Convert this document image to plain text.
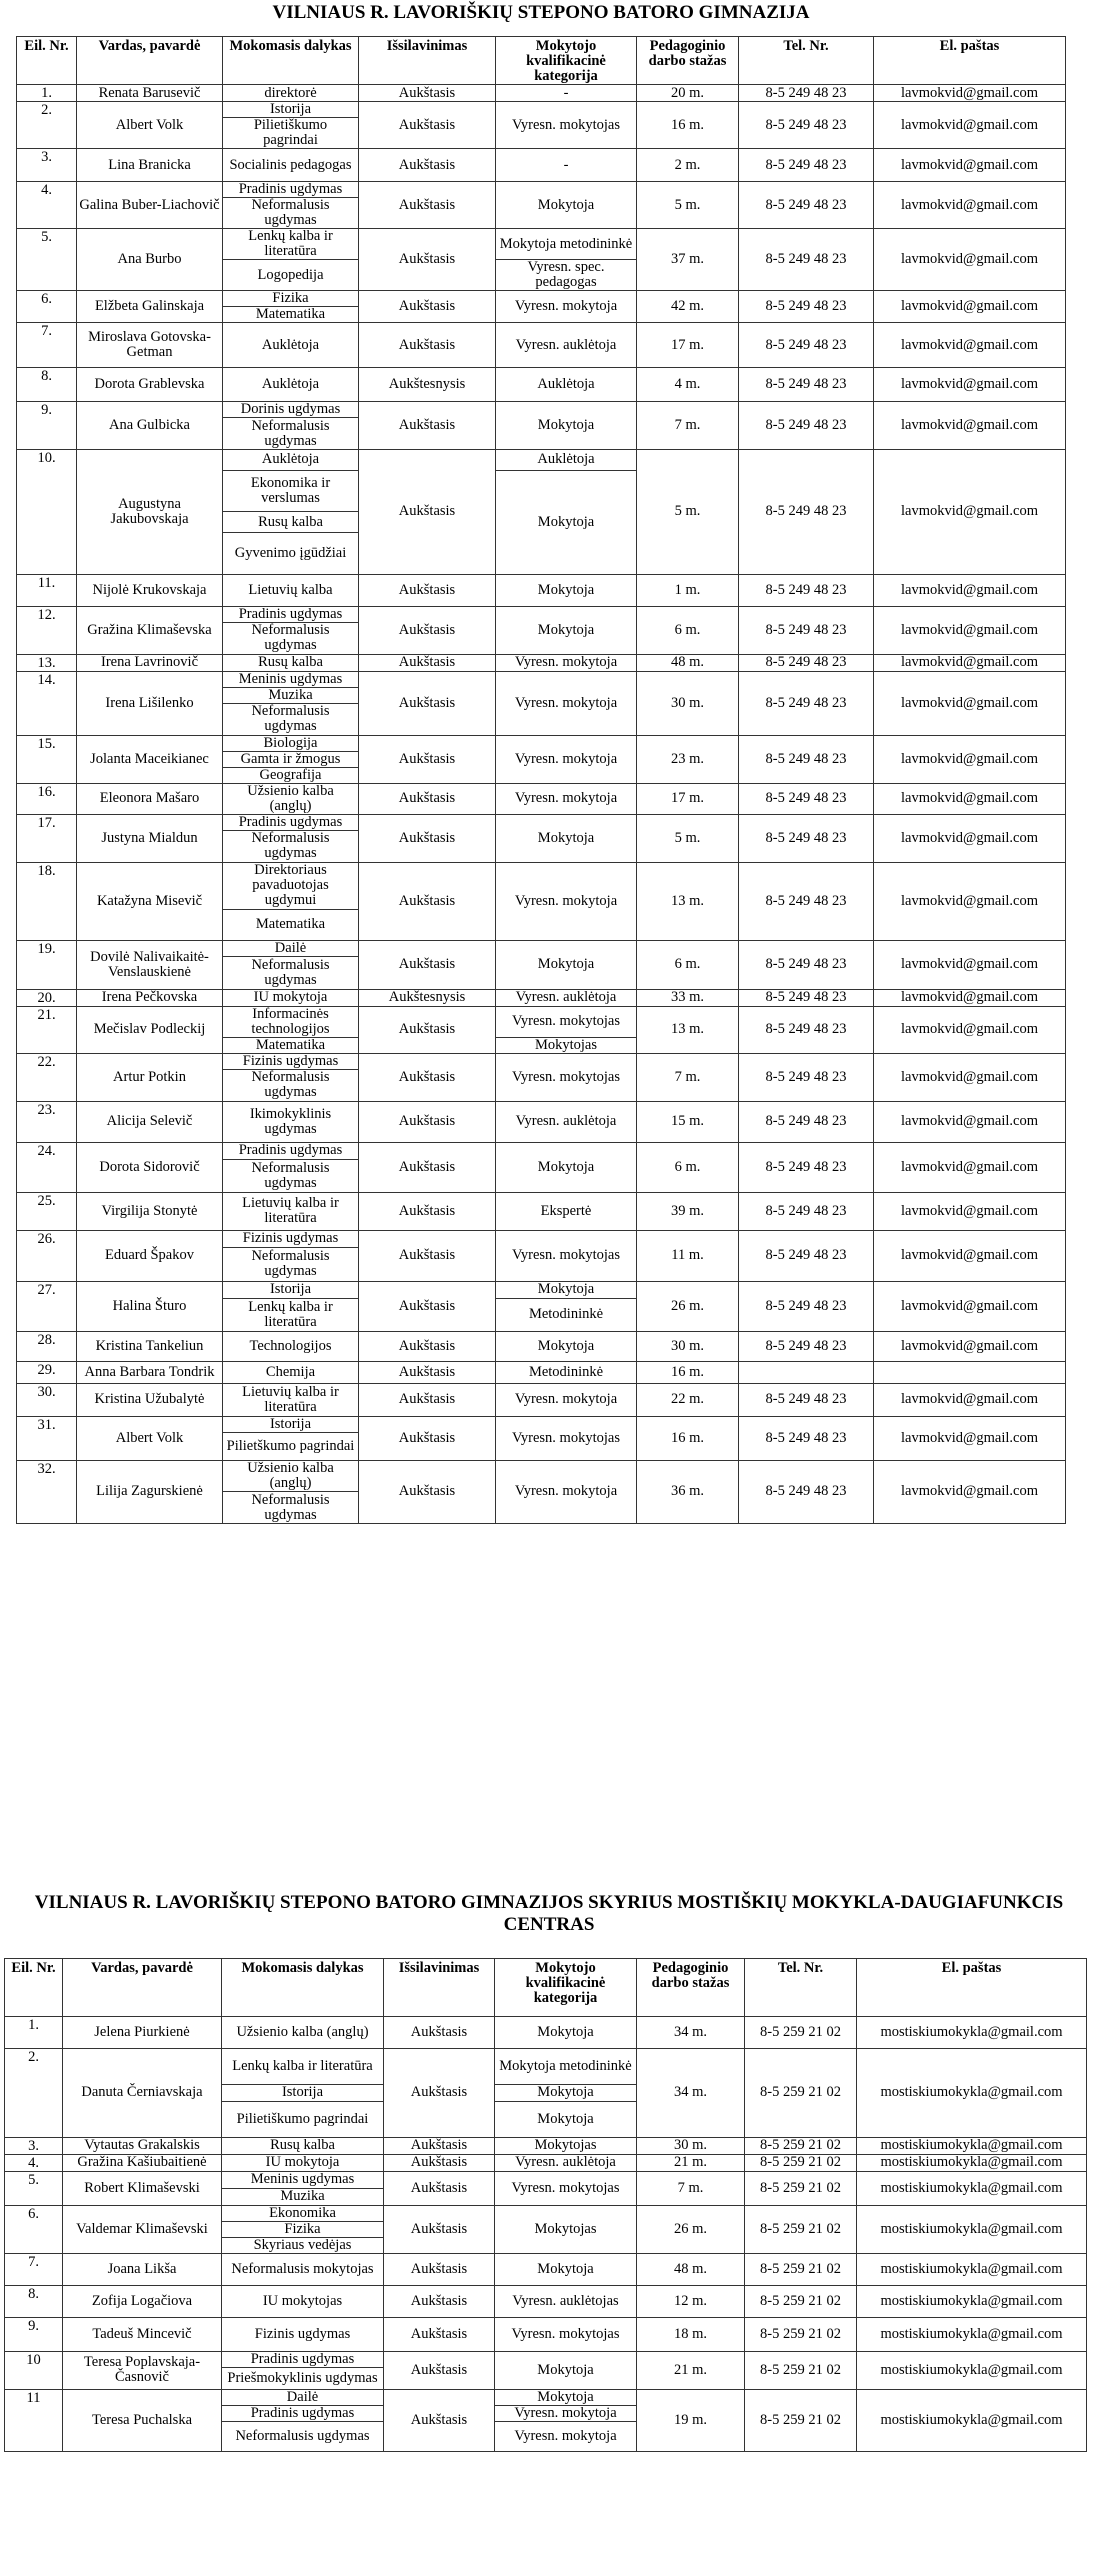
VILNIAUS R. LAVORIŠKIŲ STEPONO BATORO GIMNAZIJA
Eil. Nr.	Vardas, pavardė	Mokomasis dalykas	Išsilavinimas	Mokytojo kvalifikacinė kategorija	Pedagoginio darbo stažas	Tel. Nr.	El. paštas
1.	Renata Barusevič	direktorė	Aukštasis	-	20 m.	8-5 249 48 23	lavmokvid@gmail.com
2.	Albert Volk	Istorija	Aukštasis	Vyresn. mokytojas	16 m.	8-5 249 48 23	lavmokvid@gmail.com
		Pilietiškumo pagrindai					

3.	Lina Branicka	Socialinis pedagogas	Aukštasis	-	2 m.	8-5 249 48 23	lavmokvid@gmail.com
4.	Galina Buber-Liachovič	Pradinis ugdymas	Aukštasis	Mokytoja	5 m.	8-5 249 48 23	lavmokvid@gmail.com
		Neformalusis ugdymas					

5.	Ana Burbo	Lenkų kalba ir literatūra	Aukštasis	Mokytoja metodininkė	37 m.	8-5 249 48 23	lavmokvid@gmail.com

		Logopedija		Vyresn. spec. pedagogas			

6.	Elžbeta Galinskaja	Fizika	Aukštasis	Vyresn. mokytoja	42 m.	8-5 249 48 23	lavmokvid@gmail.com
		Matematika					
7.	Miroslava Gotovska-Getman	Auklėtoja	Aukštasis	Vyresn. auklėtoja	17 m.	8-5 249 48 23	lavmokvid@gmail.com
8.	Dorota Grablevska	Auklėtoja	Aukštesnysis	Auklėtoja	4 m.	8-5 249 48 23	lavmokvid@gmail.com
9.	Ana Gulbicka	Dorinis ugdymas	Aukštasis	Mokytoja	7 m.	8-5 249 48 23	lavmokvid@gmail.com
		Neformalusis ugdymas					

10.	Augustyna Jakubovskaja	Auklėtoja	Aukštasis	Auklėtoja	5 m.	8-5 249 48 23	lavmokvid@gmail.com
		Ekonomika ir verslumas		Mokytoja			

		Rusų kalba					
		Gyvenimo įgūdžiai					

11.	Nijolė Krukovskaja	Lietuvių kalba	Aukštasis	Mokytoja	1 m.	8-5 249 48 23	lavmokvid@gmail.com
12.	Gražina Klimaševska	Pradinis ugdymas	Aukštasis	Mokytoja	6 m.	8-5 249 48 23	lavmokvid@gmail.com
		Neformalusis ugdymas					

13.	Irena Lavrinovič	Rusų kalba	Aukštasis	Vyresn. mokytoja	48 m.	8-5 249 48 23	lavmokvid@gmail.com
14.	Irena Lišilenko	Meninis ugdymas	Aukštasis	Vyresn. mokytoja	30 m.	8-5 249 48 23	lavmokvid@gmail.com
		Muzika					
		Neformalusis ugdymas					

15.	Jolanta Maceikianec	Biologija	Aukštasis	Vyresn. mokytoja	23 m.	8-5 249 48 23	lavmokvid@gmail.com
		Gamta ir žmogus					
		Geografija					
16.	Eleonora Mašaro	Užsienio kalba (anglų)	Aukštasis	Vyresn. mokytoja	17 m.	8-5 249 48 23	lavmokvid@gmail.com
17.	Justyna Mialdun	Pradinis ugdymas	Aukštasis	Mokytoja	5 m.	8-5 249 48 23	lavmokvid@gmail.com
		Neformalusis ugdymas					

18.	Katažyna Misevič	Direktoriaus pavaduotojas ugdymui	Aukštasis	Vyresn. mokytoja	13 m.	8-5 249 48 23	lavmokvid@gmail.com

		Matematika					

19.	Dovilė Nalivaikaitė-Venslauskienė	Dailė	Aukštasis	Mokytoja	6 m.	8-5 249 48 23	lavmokvid@gmail.com
		Neformalusis ugdymas					

20.	Irena Pečkovska	IU mokytoja	Aukštesnysis	Vyresn. auklėtoja	33 m.	8-5 249 48 23	lavmokvid@gmail.com
21.	Mečislav Podleckij	Informacinės technologijos	Aukštasis	Vyresn. mokytojas	13 m.	8-5 249 48 23	lavmokvid@gmail.com

		Matematika		Mokytojas			
22.	Artur Potkin	Fizinis ugdymas	Aukštasis	Vyresn. mokytojas	7 m.	8-5 249 48 23	lavmokvid@gmail.com
		Neformalusis ugdymas					

23.	Alicija Selevič	Ikimokyklinis ugdymas	Aukštasis	Vyresn. auklėtoja	15 m.	8-5 249 48 23	lavmokvid@gmail.com
24.	Dorota Sidorovič	Pradinis ugdymas	Aukštasis	Mokytoja	6 m.	8-5 249 48 23	lavmokvid@gmail.com
		Neformalusis ugdymas					

25.	Virgilija Stonytė	Lietuvių kalba ir literatūra	Aukštasis	Ekspertė	39 m.	8-5 249 48 23	lavmokvid@gmail.com
26.	Eduard Špakov	Fizinis ugdymas	Aukštasis	Vyresn. mokytojas	11 m.	8-5 249 48 23	lavmokvid@gmail.com
		Neformalusis ugdymas					

27.	Halina Šturo	Istorija	Aukštasis	Mokytoja	26 m.	8-5 249 48 23	lavmokvid@gmail.com
		Lenkų kalba ir literatūra		Metodininkė			

28.	Kristina Tankeliun	Technologijos	Aukštasis	Mokytoja	30 m.	8-5 249 48 23	lavmokvid@gmail.com
29.	Anna Barbara Tondrik	Chemija	Aukštasis	Metodininkė	16 m.		
30.	Kristina Užubalytė	Lietuvių kalba ir literatūra	Aukštasis	Vyresn. mokytoja	22 m.	8-5 249 48 23	lavmokvid@gmail.com
31.	Albert Volk	Istorija	Aukštasis	Vyresn. mokytojas	16 m.	8-5 249 48 23	lavmokvid@gmail.com
		Pilietškumo pagrindai					

32.	Lilija Zagurskienė	Užsienio kalba (anglų)	Aukštasis	Vyresn. mokytoja	36 m.	8-5 249 48 23	lavmokvid@gmail.com

		Neformalusis ugdymas					

VILNIAUS R. LAVORIŠKIŲ STEPONO BATORO GIMNAZIJOS SKYRIUS MOSTIŠKIŲ MOKYKLA-DAUGIAFUNKCIS CENTRAS
Eil. Nr.	Vardas, pavardė	Mokomasis dalykas	Išsilavinimas	Mokytojo kvalifikacinė kategorija	Pedagoginio darbo stažas	Tel. Nr.	El. paštas
1.	Jelena Piurkienė	Užsienio kalba (anglų)	Aukštasis	Mokytoja	34 m.	8-5 259 21 02	mostiskiumokykla@gmail.com
2.	Danuta Černiavskaja	Lenkų kalba ir literatūra	Aukštasis	Mokytoja metodininkė	34 m.	8-5 259 21 02	mostiskiumokykla@gmail.com

		Istorija		Mokytoja			
		Pilietiškumo pagrindai		Mokytoja			

3.	Vytautas Grakalskis	Rusų kalba	Aukštasis	Mokytojas	30 m.	8-5 259 21 02	mostiskiumokykla@gmail.com
4.	Gražina Kašiubaitienė	IU mokytoja	Aukštasis	Vyresn. auklėtoja	21 m.	8-5 259 21 02	mostiskiumokykla@gmail.com
5.	Robert Klimaševski	Meninis ugdymas	Aukštasis	Vyresn. mokytojas	7 m.	8-5 259 21 02	mostiskiumokykla@gmail.com
		Muzika					
6.	Valdemar Klimaševski	Ekonomika	Aukštasis	Mokytojas	26 m.	8-5 259 21 02	mostiskiumokykla@gmail.com
		Fizika					
		Skyriaus vedėjas					
7.	Joana Likša	Neformalusis mokytojas	Aukštasis	Mokytoja	48 m.	8-5 259 21 02	mostiskiumokykla@gmail.com
8.	Zofija Logačiova	IU mokytojas	Aukštasis	Vyresn. auklėtojas	12 m.	8-5 259 21 02	mostiskiumokykla@gmail.com
9.	Tadeuš Mincevič	Fizinis ugdymas	Aukštasis	Vyresn. mokytojas	18 m.	8-5 259 21 02	mostiskiumokykla@gmail.com
10	Teresa Poplavskaja-Časnovič	Pradinis ugdymas	Aukštasis	Mokytoja	21 m.	8-5 259 21 02	mostiskiumokykla@gmail.com
		Priešmokyklinis ugdymas					

11	Teresa Puchalska	Dailė	Aukštasis	Mokytoja	19 m.	8-5 259 21 02	mostiskiumokykla@gmail.com
		Pradinis ugdymas		Vyresn. mokytoja			
		Neformalusis ugdymas		Vyresn. mokytoja			
